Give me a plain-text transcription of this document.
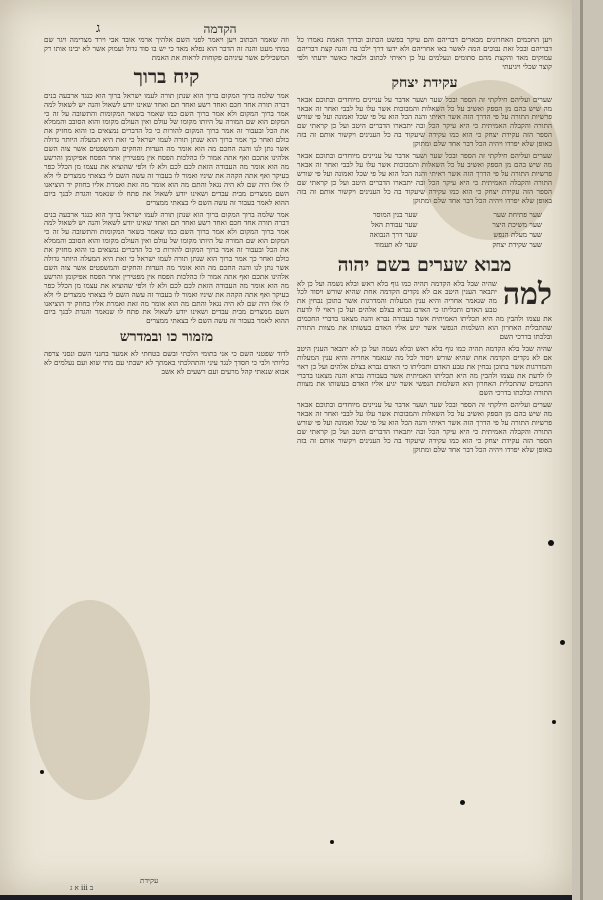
הקדמה
ג

ויען החכמים האחרונים מבארים דבריהם והם עיקר בפשט הכתוב ובדרך האמת נאמרו כל דבריהם ובכל זאת נבוכים המה לאשר באו אחריהם ולא ידעו דרך ילכו בה והנה קצת דבריהם עמוקים מאד והקצת מהם סתומים ונעלמים על כן ראיתי לכתוב ולבאר כאשר ידעתי ולפי קוצר שכלי ויגיעתי

עקידת יצחק

שערים ועליהם חילקתי זה הספר ובכל שער ושער אדבר על עניינים מיוחדים ובתוכם אבאר מה שיש בהם מן הספק ואשיב על כל השאלות והמבוכות אשר עלו על לבבי ואחר זה אבאר פרשיות התורה על פי הדרך הזה אשר ראיתי והנה הכל הוא על פי שכל ואמונה ועל פי שורש התורה והקבלה האמיתית כי היא עיקר הכל ובה יתבארו הדברים היטב ועל כן קראתי שם הספר הזה עקידת יצחק כי הוא כמו עקידה שיעקוד בה כל הענינים ויקשור אותם זה בזה באופן שלא יפרדו ויהיה הכל דבר אחד שלם ומתוקן

שערים ועליהם חילקתי זה הספר ובכל שער ושער אדבר על עניינים מיוחדים ובתוכם אבאר מה שיש בהם מן הספק ואשיב על כל השאלות והמבוכות אשר עלו על לבבי ואחר זה אבאר פרשיות התורה על פי הדרך הזה אשר ראיתי והנה הכל הוא על פי שכל ואמונה ועל פי שורש התורה והקבלה האמיתית כי היא עיקר הכל ובה יתבארו הדברים היטב ועל כן קראתי שם הספר הזה עקידת יצחק כי הוא כמו עקידה שיעקוד בה כל הענינים ויקשור אותם זה בזה באופן שלא יפרדו ויהיה הכל דבר אחד שלם ומתוקן

שער פתיחת שער
שער בנין המוסר
שער משיכת היצר
שער עבודת האל
שער מעלת הנפש
שער דרך הנבואה
שער שקידת יצחק
שער לא תעמוד
מבוא שערים בשם יהוה

למה
שהיה שבל בלא הקדמה תהיה כמו גוף בלא ראש ובלא נשמה ועל כן לא יתבאר הענין היטב אם לא נקדים הקדמה אחת שהיא שורש ויסוד לכל מה שנאמר אחריה והיא ענין המעלות והמדרגות אשר בתוכן נבחין את טבע האדם ותכליתו כי האדם נברא בצלם אלהים ועל כן ראוי לו לדעת את עצמו ולהבין מה היא תכליתו האמיתית אשר בעבורה נברא והנה מצאנו בדברי החכמים שהתכלית האחרון הוא השלמות הנפשי אשר יגיע אליו האדם בעשותו את מצוות התורה ובלכתו בדרכי השם

שהיה שבל בלא הקדמה תהיה כמו גוף בלא ראש ובלא נשמה ועל כן לא יתבאר הענין היטב אם לא נקדים הקדמה אחת שהיא שורש ויסוד לכל מה שנאמר אחריה והיא ענין המעלות והמדרגות אשר בתוכן נבחין את טבע האדם ותכליתו כי האדם נברא בצלם אלהים ועל כן ראוי לו לדעת את עצמו ולהבין מה היא תכליתו האמיתית אשר בעבורה נברא והנה מצאנו בדברי החכמים שהתכלית האחרון הוא השלמות הנפשי אשר יגיע אליו האדם בעשותו את מצוות התורה ובלכתו בדרכי השם

שערים ועליהם חילקתי זה הספר ובכל שער ושער אדבר על עניינים מיוחדים ובתוכם אבאר מה שיש בהם מן הספק ואשיב על כל השאלות והמבוכות אשר עלו על לבבי ואחר זה אבאר פרשיות התורה על פי הדרך הזה אשר ראיתי והנה הכל הוא על פי שכל ואמונה ועל פי שורש התורה והקבלה האמיתית כי היא עיקר הכל ובה יתבארו הדברים היטב ועל כן קראתי שם הספר הזה עקידת יצחק כי הוא כמו עקידה שיעקוד בה כל הענינים ויקשור אותם זה בזה באופן שלא יפרדו ויהיה הכל דבר אחד שלם ומתוקן

וזה שאמר הכתוב ויען ויאמר לפני השם אלהיך ארמי אובד אבי וירד מצרימה ויגר שם במתי מעט והנה זה הדבר הוא נפלא מאד כי יש בו סוד גדול ועמוק אשר לא יבינו אותו רק המשכילים אשר עיניהם פקוחות לראות את האמת

קיח ברוך

אמר שלמה ברוך המקום ברוך הוא שנתן תורה לעמו ישראל ברוך הוא כנגד ארבעה בנים דברה תורה אחד חכם ואחד רשע ואחד תם ואחד שאינו יודע לשאול והנה יש לשאול למה אמר ברוך המקום ולא אמר ברוך השם כמו שאמר בשאר המקומות והתשובה על זה כי המקום הוא שם המורה על היותו מקומו של עולם ואין העולם מקומו והוא הסובב והממלא את הכל ובעבור זה אמר ברוך המקום להורות כי כל הדברים נמצאים בו והוא מחזיק את כולם ואחר כך אמר ברוך הוא שנתן תורה לעמו ישראל כי זאת היא המעלה היותר גדולה אשר נתן לנו והנה החכם מה הוא אומר מה העדות והחקים והמשפטים אשר צוה השם אלהינו אתכם ואף אתה אמור לו כהלכות הפסח אין מפטירין אחר הפסח אפיקומן והרשע מה הוא אומר מה העבודה הזאת לכם לכם ולא לו ולפי שהוציא את עצמו מן הכלל כפר בעיקר ואף אתה הקהה את שיניו ואמור לו בעבור זה עשה השם לי בצאתי ממצרים לי ולא לו אלו היה שם לא היה נגאל והתם מה הוא אומר מה זאת ואמרת אליו בחוזק יד הוציאנו השם ממצרים מבית עבדים ושאינו יודע לשאול את פתח לו שנאמר והגדת לבנך ביום ההוא לאמר בעבור זה עשה השם לי בצאתי ממצרים

אמר שלמה ברוך המקום ברוך הוא שנתן תורה לעמו ישראל ברוך הוא כנגד ארבעה בנים דברה תורה אחד חכם ואחד רשע ואחד תם ואחד שאינו יודע לשאול והנה יש לשאול למה אמר ברוך המקום ולא אמר ברוך השם כמו שאמר בשאר המקומות והתשובה על זה כי המקום הוא שם המורה על היותו מקומו של עולם ואין העולם מקומו והוא הסובב והממלא את הכל ובעבור זה אמר ברוך המקום להורות כי כל הדברים נמצאים בו והוא מחזיק את כולם ואחר כך אמר ברוך הוא שנתן תורה לעמו ישראל כי זאת היא המעלה היותר גדולה אשר נתן לנו והנה החכם מה הוא אומר מה העדות והחקים והמשפטים אשר צוה השם אלהינו אתכם ואף אתה אמור לו כהלכות הפסח אין מפטירין אחר הפסח אפיקומן והרשע מה הוא אומר מה העבודה הזאת לכם לכם ולא לו ולפי שהוציא את עצמו מן הכלל כפר בעיקר ואף אתה הקהה את שיניו ואמור לו בעבור זה עשה השם לי בצאתי ממצרים לי ולא לו אלו היה שם לא היה נגאל והתם מה הוא אומר מה זאת ואמרת אליו בחוזק יד הוציאנו השם ממצרים מבית עבדים ושאינו יודע לשאול את פתח לו שנאמר והגדת לבנך ביום ההוא לאמר בעבור זה עשה השם לי בצאתי ממצרים

מזמור כו ובמדרש

לדוד שפטני השם כי אני בתומי הלכתי ובשם בטחתי לא אמעד בחנני השם ונסני צרפה כליותי ולבי כי חסדך לנגד עיני והתהלכתי באמתך לא ישבתי עם מתי שוא ועם נעלמים לא אבוא שנאתי קהל מרעים ועם רשעים לא אשב

עקידת
א ג iii ב
